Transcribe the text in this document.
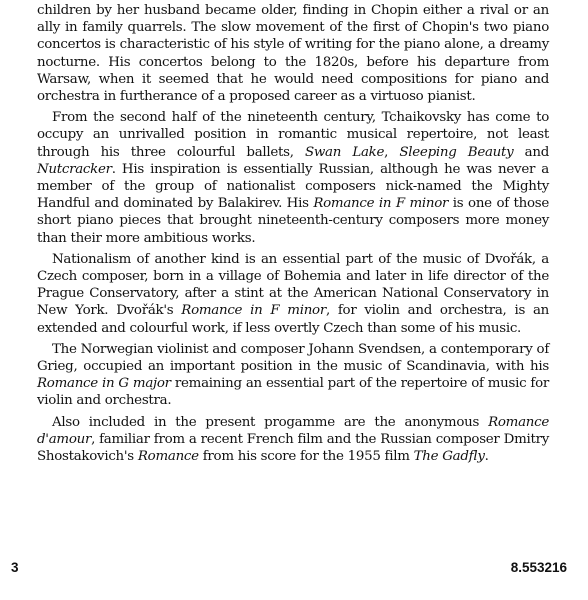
children by her husband became older, finding in Chopin either a rival or an ally in family quarrels. The slow movement of the first of Chopin's two piano concertos is characteristic of his style of writing for the piano alone, a dreamy nocturne. His concertos belong to the 1820s, before his departure from Warsaw, when it seemed that he would need compositions for piano and orchestra in furtherance of a proposed career as a virtuoso pianist.

From the second half of the nineteenth century, Tchaikovsky has come to occupy an unrivalled position in romantic musical repertoire, not least through his three colourful ballets, Swan Lake, Sleeping Beauty and Nutcracker. His inspiration is essentially Russian, although he was never a member of the group of nationalist composers nick-named the Mighty Handful and dominated by Balakirev. His Romance in F minor is one of those short piano pieces that brought nineteenth-century composers more money than their more ambitious works.

Nationalism of another kind is an essential part of the music of Dvořák, a Czech composer, born in a village of Bohemia and later in life director of the Prague Conservatory, after a stint at the American National Conservatory in New York. Dvořák's Romance in F minor, for violin and orchestra, is an extended and colourful work, if less overtly Czech than some of his music.

The Norwegian violinist and composer Johann Svendsen, a contemporary of Grieg, occupied an important position in the music of Scandinavia, with his Romance in G major remaining an essential part of the repertoire of music for violin and orchestra.

Also included in the present progamme are the anonymous Romance d'amour, familiar from a recent French film and the Russian composer Dmitry Shostakovich's Romance from his score for the 1955 film The Gadfly.

3	8.553216
